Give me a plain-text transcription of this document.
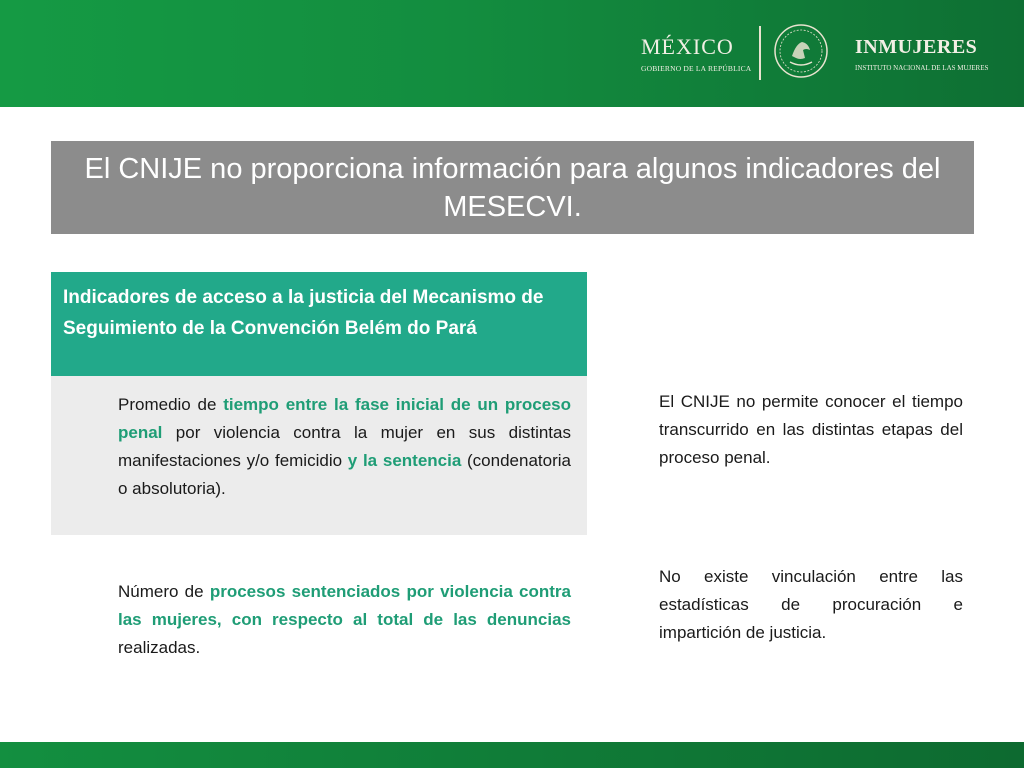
MÉXICO
GOBIERNO DE LA REPÚBLICA
INMUJERES
INSTITUTO NACIONAL DE LAS MUJERES
El CNIJE no proporciona información para algunos indicadores del MESECVI.
Indicadores de acceso a la justicia del Mecanismo de Seguimiento de la Convención Belém do Pará
Promedio de tiempo entre la fase inicial de un proceso penal por violencia contra la mujer en sus distintas manifestaciones y/o femicidio y la sentencia (condenatoria o absolutoria).
Número de procesos sentenciados por violencia contra las mujeres, con respecto al total de las denuncias realizadas.
El CNIJE no permite conocer el tiempo transcurrido en las distintas etapas del proceso penal.
No existe vinculación entre las estadísticas de procuración e impartición de justicia.
